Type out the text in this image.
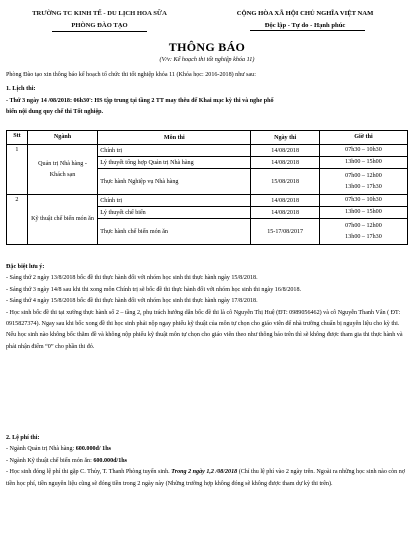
TRƯỜNG TC KINH TẾ - DU LỊCH HOA SỮA
PHÒNG ĐÀO TẠO
CỘNG HÒA XÃ HỘI CHỦ NGHĨA VIỆT NAM
Độc lập - Tự do - Hạnh phúc
THÔNG BÁO
(V/v: Kế hoạch thi tốt nghiệp khóa 11)
Phòng Đào tạo xin thông báo kế hoạch tổ chức thi tốt nghiệp khóa 11 (Khóa học: 2016-2018) như sau:
1. Lịch thi:
- Thứ 3 ngày 14 /08/2018: 06h30': HS tập trung tại tầng 2 TT may thêu để Khai mạc kỳ thi và nghe phổ
biến nội dung quy chế thi Tốt nghiệp.
Stt	Ngành	Môn thi	Ngày thi	Giờ thi
1	Quản trị Nhà hàng - Khách sạn	Chính trị	14/08/2018	07h30 – 10h30
		Lý thuyết tổng hợp Quản trị Nhà hàng	14/08/2018	13h00 – 15h00
		Thực hành Nghiệp vụ Nhà hàng	15/08/2018	07h00 – 12h00
13h00 – 17h30

2	Kỹ thuật chế biến món ăn	Chính trị	14/08/2018	07h30 – 10h30
		Lý thuyết chế biến	14/08/2018	13h00 – 15h00
		Thực hành chế biến món ăn	15-17/08/2017	07h00 – 12h00
13h00 – 17h30

Đặc biệt lưu ý:

- Sáng thứ 2 ngày 13/8/2018 bốc đề thi thực hành đối với nhóm học sinh thi thực hành ngày 15/8/2018.

- Sáng thứ 3 ngày 14/8 sau khi thi xong môn Chính trị sẽ bốc đề thi thực hành đối với nhóm học sinh thi ngày 16/8/2018.

- Sáng thứ 4 ngày 15/8/2018 bốc đề thi thực hành đối với nhóm học sinh thi thực hành ngày 17/8/2018.

- Học sinh bốc đề thi tại xưởng thực hành số 2 – tầng 2, phụ trách hướng dẫn bốc đề thi là cô Nguyễn Thị Huệ (ĐT: 0989056462) và cô Nguyễn Thanh Vân ( ĐT: 0915827374). Ngay sau khi bốc xong đề thi học sinh phải nộp ngay phiếu kỹ thuật của môn tự chọn cho giáo viên để nhà trường chuẩn bị nguyên liệu cho kỳ thi. Nếu học sinh nào không bốc thăm đề và không nộp phiếu kỹ thuật môn tự chọn cho giáo viên theo như thông báo trên thì sẽ không được tham gia thi thực hành và phải nhận điểm “0” cho phần thi đó.

2. Lệ phí thi:

- Ngành Quản trị Nhà hàng: 600.000đ/ 1hs

- Ngành Kỹ thuật chế biến món ăn: 600.000đ/1hs

- Học sinh đóng lệ phí thi gặp C. Thủy, T. Thanh Phòng tuyển sinh. Trong 2 ngày 1,2 /08/2018 (Chỉ thu lệ phí vào 2 ngày trên. Ngoài ra những học sinh nào còn nợ tiền học phí, tiền nguyên liệu cũng sẽ đóng tiền trong 2 ngày này (Những trường hợp không đóng sẽ không được tham dự kỳ thi trên).
